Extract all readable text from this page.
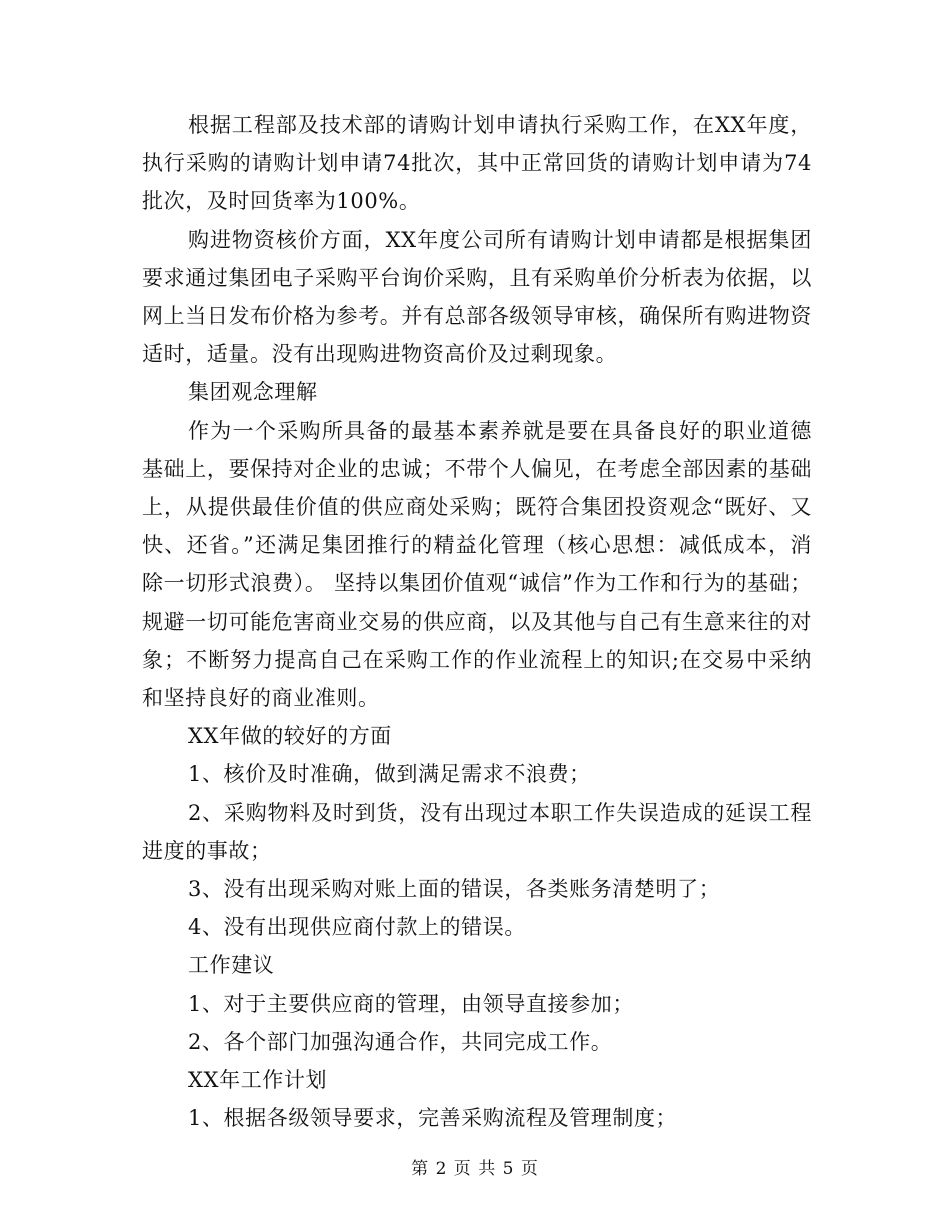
根据工程部及技术部的请购计划申请执行采购工作，在XX年度，执行采购的请购计划申请74批次，其中正常回货的请购计划申请为74批次，及时回货率为100%。

购进物资核价方面，XX年度公司所有请购计划申请都是根据集团要求通过集团电子采购平台询价采购，且有采购单价分析表为依据，以网上当日发布价格为参考。并有总部各级领导审核，确保所有购进物资适时，适量。没有出现购进物资高价及过剩现象。

集团观念理解

作为一个采购所具备的最基本素养就是要在具备良好的职业道德基础上，要保持对企业的忠诚；不带个人偏见，在考虑全部因素的基础上，从提供最佳价值的供应商处采购；既符合集团投资观念“既好、又快、还省。”还满足集团推行的精益化管理（核心思想：减低成本，消除一切形式浪费）。 坚持以集团价值观“诚信”作为工作和行为的基础；规避一切可能危害商业交易的供应商，以及其他与自己有生意来往的对象；不断努力提高自己在采购工作的作业流程上的知识;在交易中采纳和坚持良好的商业准则。

XX年做的较好的方面

1、核价及时准确，做到满足需求不浪费；

2、采购物料及时到货，没有出现过本职工作失误造成的延误工程进度的事故；

3、没有出现采购对账上面的错误，各类账务清楚明了；

4、没有出现供应商付款上的错误。

工作建议

1、对于主要供应商的管理，由领导直接参加；

2、各个部门加强沟通合作，共同完成工作。

XX年工作计划

1、根据各级领导要求，完善采购流程及管理制度；

第 2 页 共 5 页
